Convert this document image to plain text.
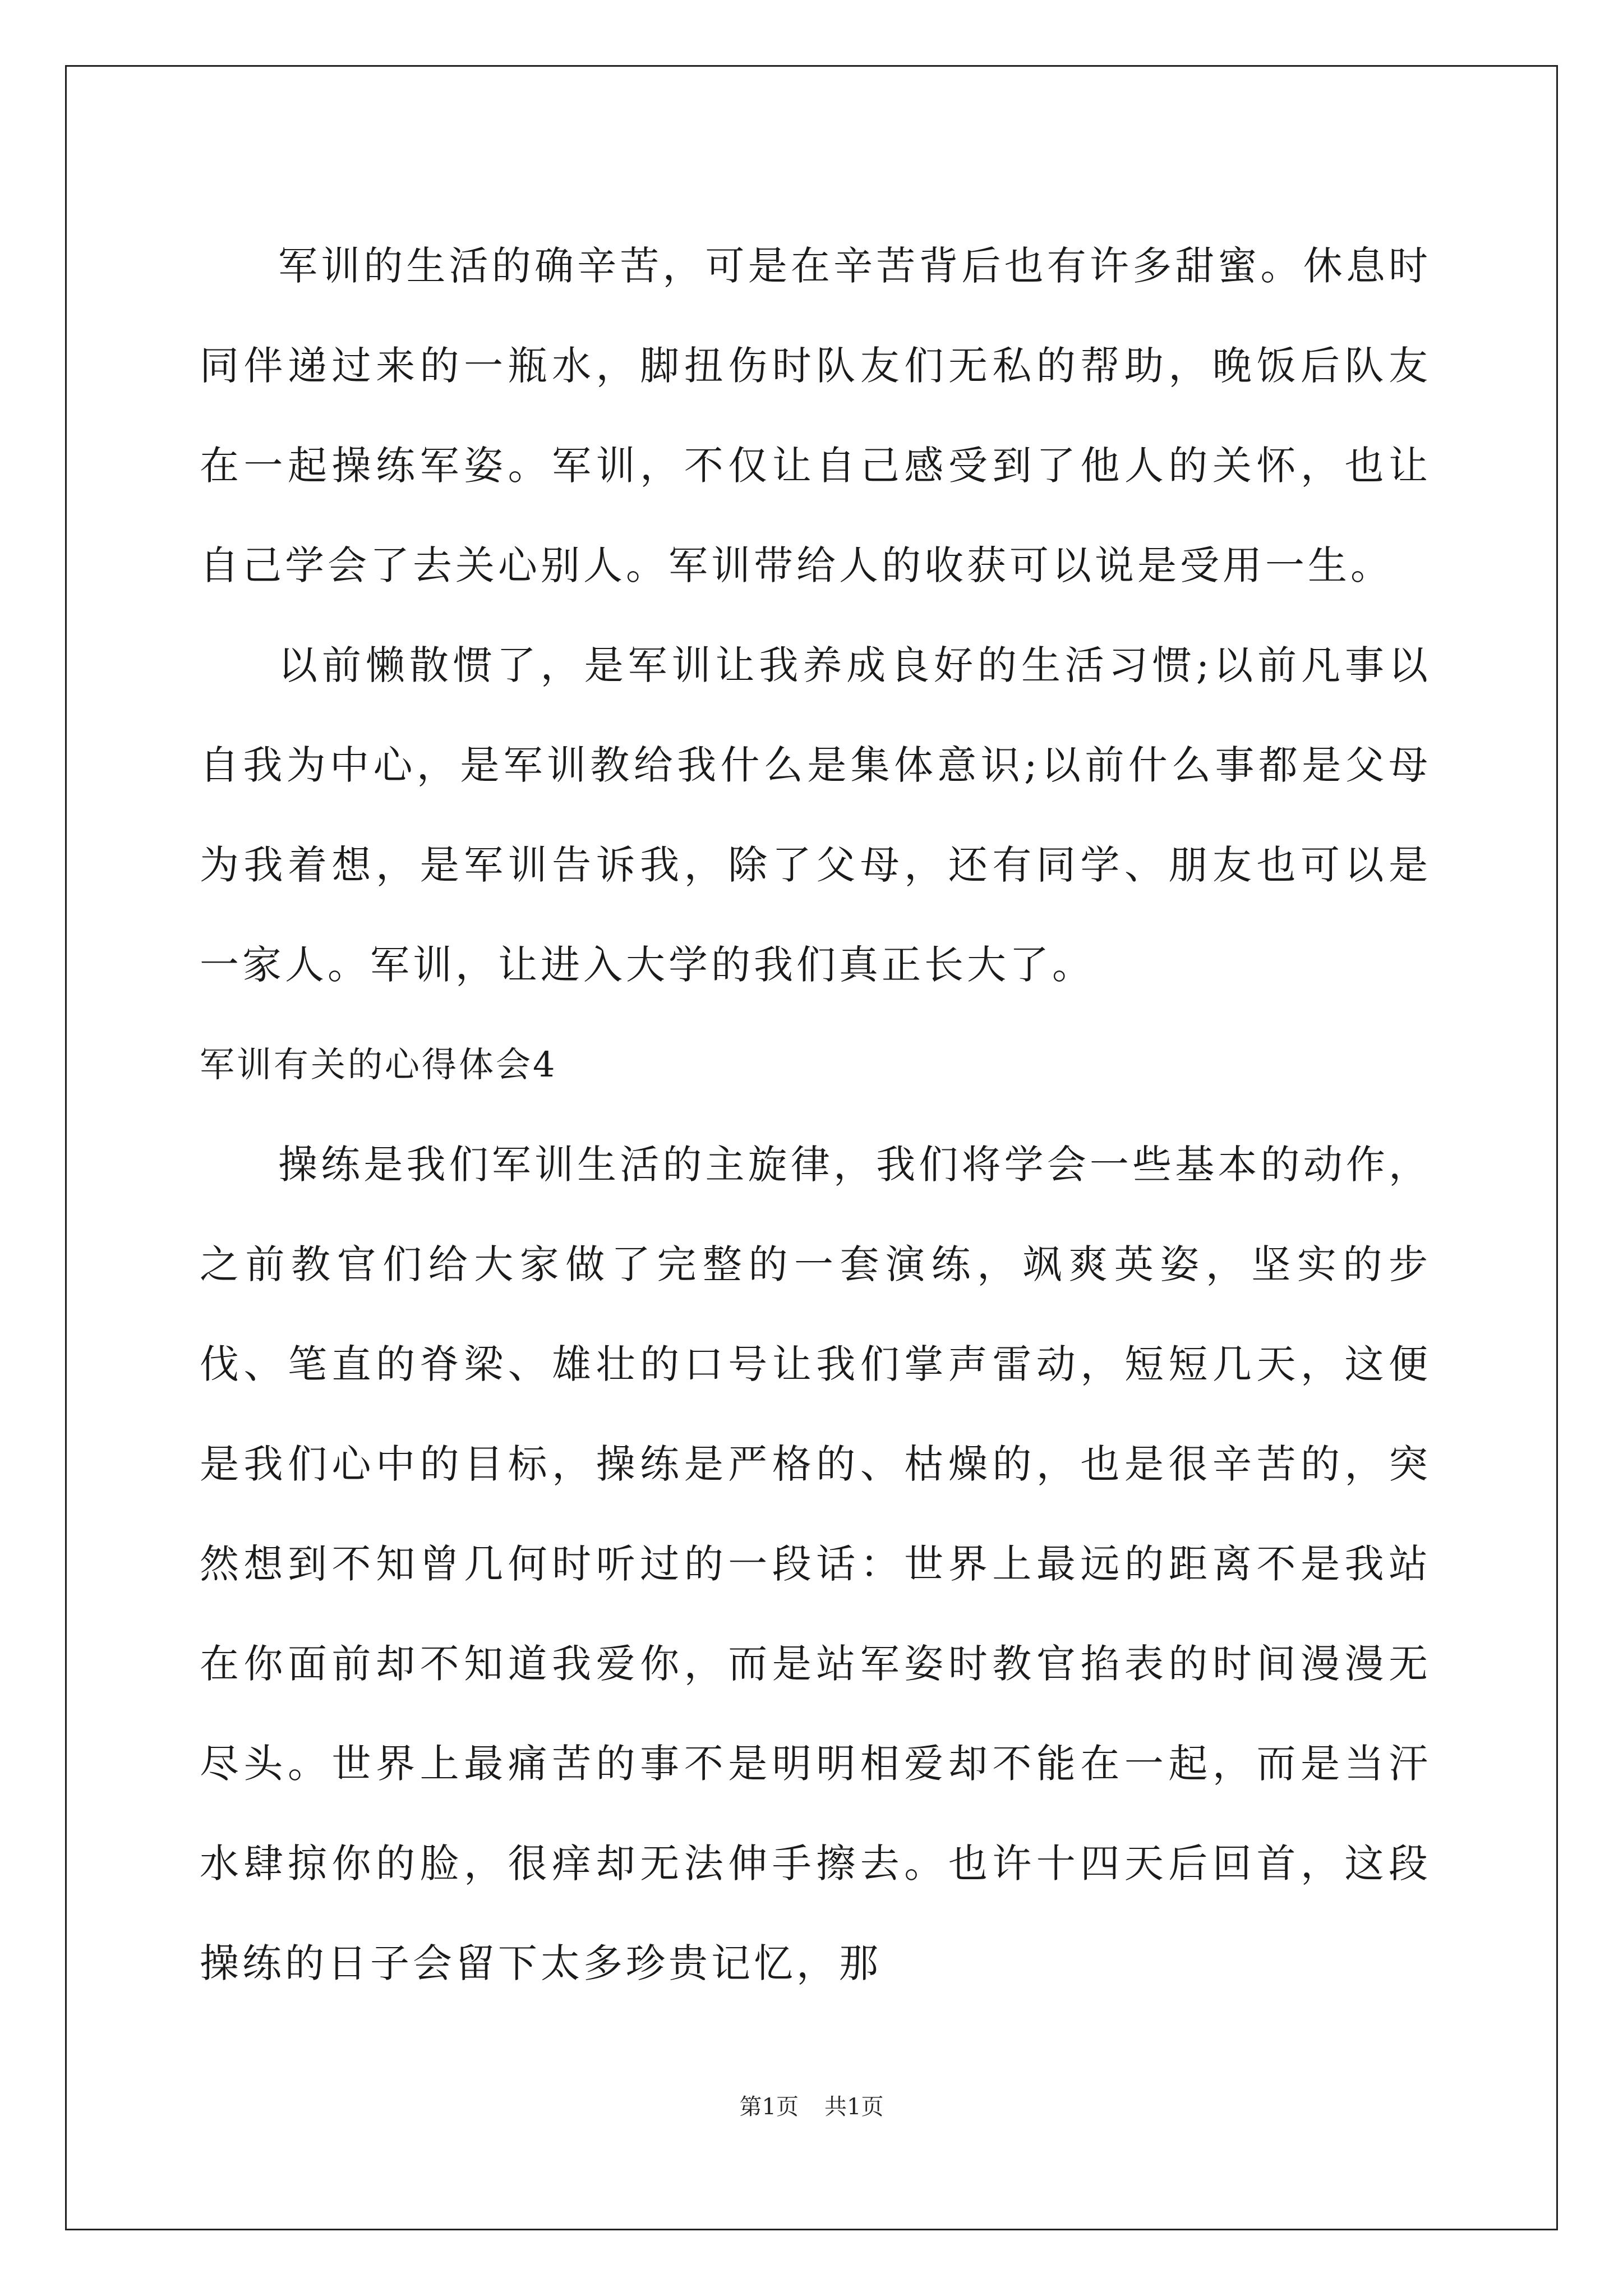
军训的生活的确辛苦，可是在辛苦背后也有许多甜蜜。休息时同伴递过来的一瓶水，脚扭伤时队友们无私的帮助，晚饭后队友在一起操练军姿。军训，不仅让自己感受到了他人的关怀，也让自己学会了去关心别人。军训带给人的收获可以说是受用一生。

以前懒散惯了，是军训让我养成良好的生活习惯;以前凡事以自我为中心，是军训教给我什么是集体意识;以前什么事都是父母为我着想，是军训告诉我，除了父母，还有同学、朋友也可以是一家人。军训，让进入大学的我们真正长大了。

军训有关的心得体会4

操练是我们军训生活的主旋律，我们将学会一些基本的动作，之前教官们给大家做了完整的一套演练，飒爽英姿，坚实的步伐、笔直的脊梁、雄壮的口号让我们掌声雷动，短短几天，这便是我们心中的目标，操练是严格的、枯燥的，也是很辛苦的，突然想到不知曾几何时听过的一段话：世界上最远的距离不是我站在你面前却不知道我爱你，而是站军姿时教官掐表的时间漫漫无尽头。世界上最痛苦的事不是明明相爱却不能在一起，而是当汗水肆掠你的脸，很痒却无法伸手擦去。也许十四天后回首，这段操练的日子会留下太多珍贵记忆，那

第1页 共1页
